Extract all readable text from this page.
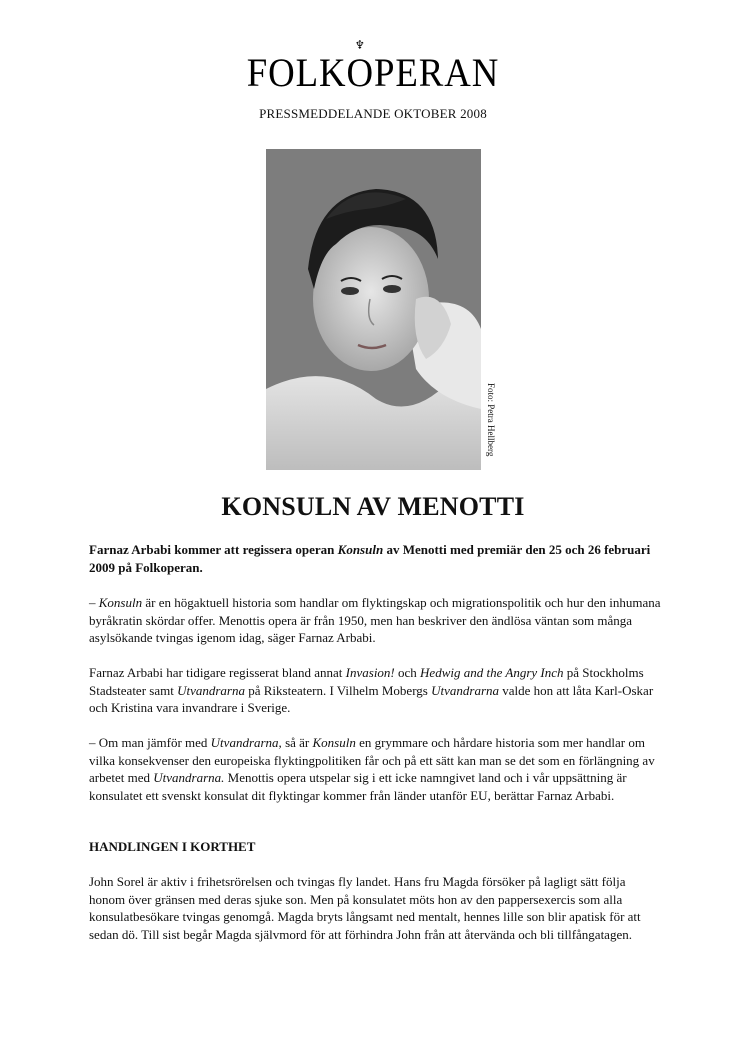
FOLK
♆
OPERAN
PRESSMEDDELANDE OKTOBER 2008
Foto: Petra Hellberg
KONSULN AV MENOTTI

Farnaz Arbabi kommer att regissera operan Konsuln av Menotti med premiär den 25 och 26 februari 2009 på Folkoperan.

– Konsuln är en högaktuell historia som handlar om flyktingskap och migrationspolitik och hur den inhumana byråkratin skördar offer. Menottis opera är från 1950, men han beskriver den ändlösa väntan som många asylsökande tvingas igenom idag, säger Farnaz Arbabi.

Farnaz Arbabi har tidigare regisserat bland annat Invasion! och Hedwig and the Angry Inch på Stockholms Stadsteater samt Utvandrarna på Riksteatern. I Vilhelm Mobergs Utvandrarna valde hon att låta Karl-Oskar och Kristina vara invandrare i Sverige.

– Om man jämför med Utvandrarna, så är Konsuln en grymmare och hårdare historia som mer handlar om vilka konsekvenser den europeiska flyktingpolitiken får och på ett sätt kan man se det som en förlängning av arbetet med Utvandrarna. Menottis opera utspelar sig i ett icke namngivet land och i vår uppsättning är konsulatet ett svenskt konsulat dit flyktingar kommer från länder utanför EU, berättar Farnaz Arbabi.

HANDLINGEN I KORTHET

John Sorel är aktiv i frihetsrörelsen och tvingas fly landet. Hans fru Magda försöker på lagligt sätt följa honom över gränsen med deras sjuke son. Men på konsulatet möts hon av den pappersexercis som alla konsulatbesökare tvingas genomgå. Magda bryts långsamt ned mentalt, hennes lille son blir apatisk för att sedan dö. Till sist begår Magda självmord för att förhindra John från att återvända och bli tillfångatagen.
